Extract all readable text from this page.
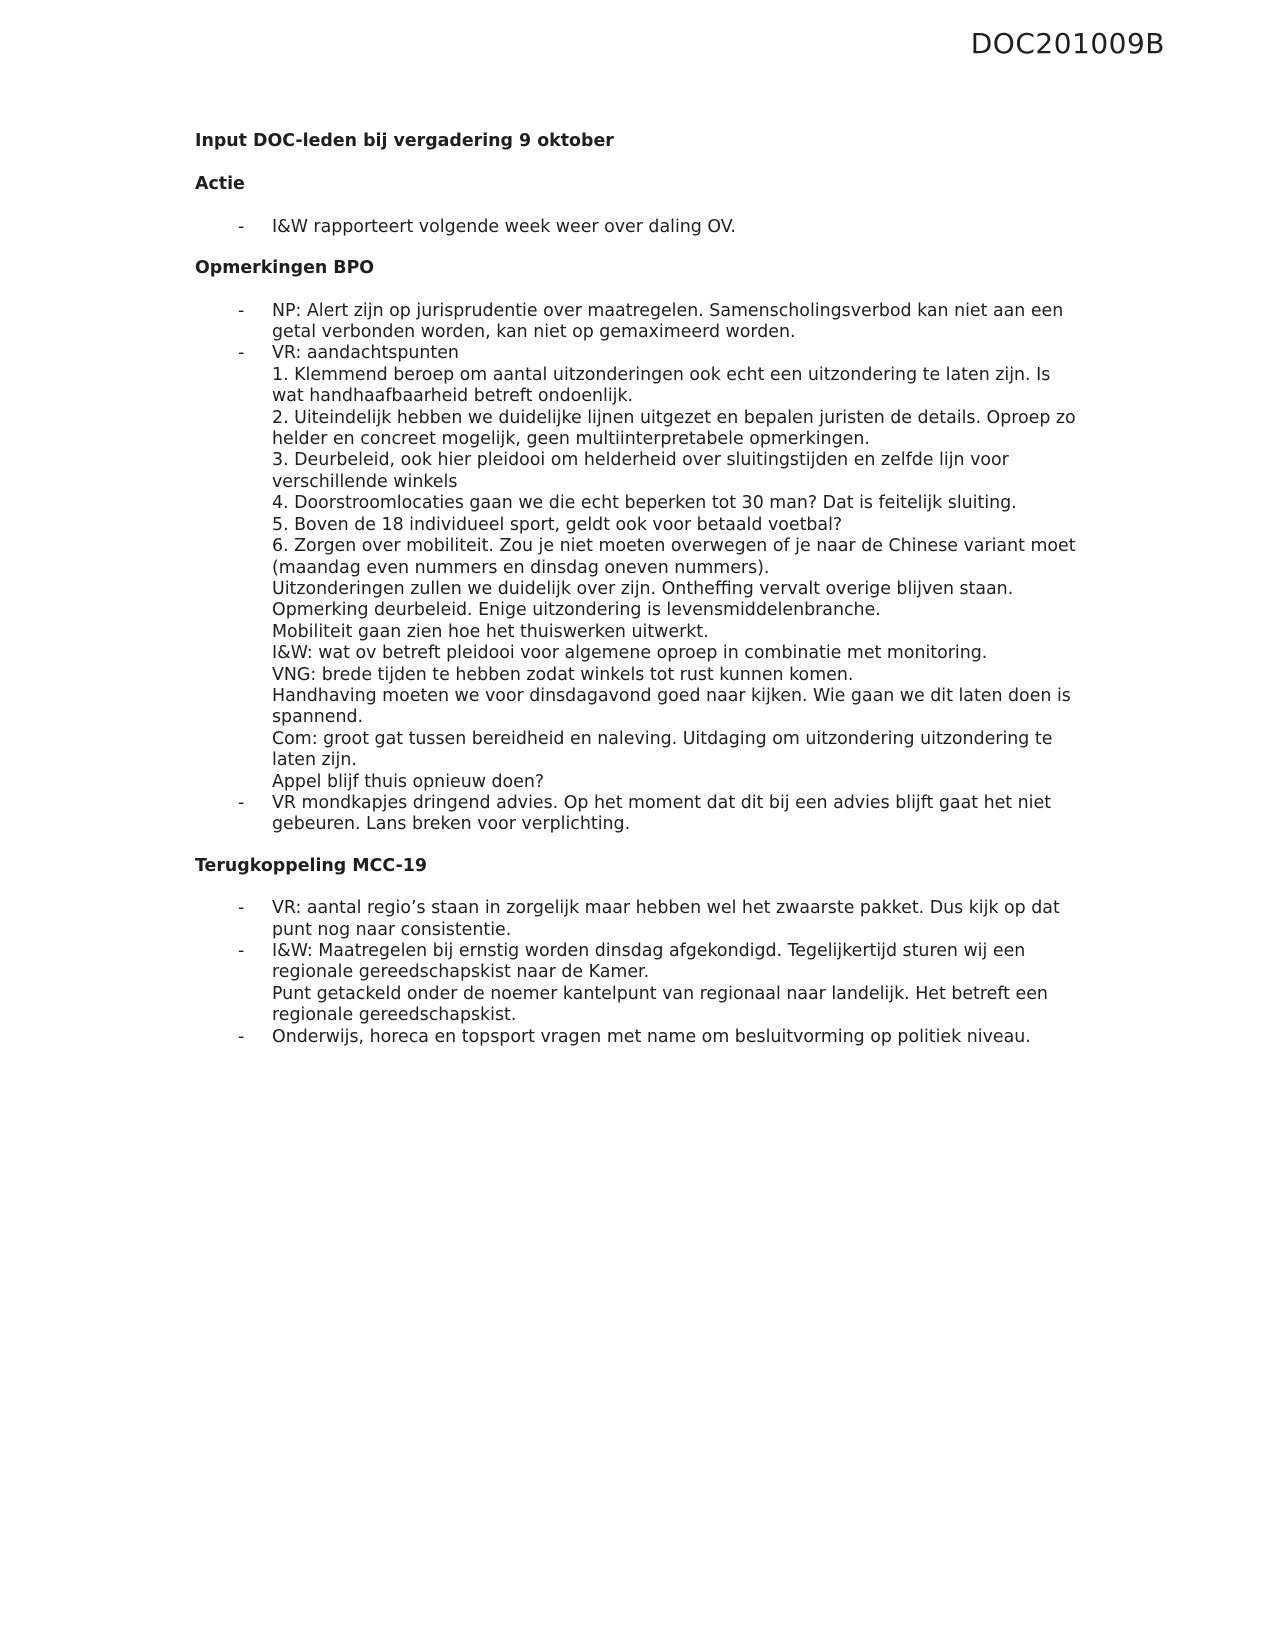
DOC201009B

Input DOC-leden bij vergadering 9 oktober

Actie

- I&W rapporteert volgende week weer over daling OV.

Opmerkingen BPO

- NP: Alert zijn op jurisprudentie over maatregelen. Samenscholingsverbod kan niet aan een getal verbonden worden, kan niet op gemaximeerd worden.
- VR: aandachtspunten
1. Klemmend beroep om aantal uitzonderingen ook echt een uitzondering te laten zijn. Is wat handhaafbaarheid betreft ondoenlijk.
2. Uiteindelijk hebben we duidelijke lijnen uitgezet en bepalen juristen de details. Oproep zo helder en concreet mogelijk, geen multiinterpretabele opmerkingen.
3. Deurbeleid, ook hier pleidooi om helderheid over sluitingstijden en zelfde lijn voor verschillende winkels
4. Doorstroomlocaties gaan we die echt beperken tot 30 man? Dat is feitelijk sluiting.
5. Boven de 18 individueel sport, geldt ook voor betaald voetbal?
6. Zorgen over mobiliteit. Zou je niet moeten overwegen of je naar de Chinese variant moet (maandag even nummers en dinsdag oneven nummers).
Uitzonderingen zullen we duidelijk over zijn. Ontheffing vervalt overige blijven staan.
Opmerking deurbeleid. Enige uitzondering is levensmiddelenbranche.
Mobiliteit gaan zien hoe het thuiswerken uitwerkt.
I&W: wat ov betreft pleidooi voor algemene oproep in combinatie met monitoring.
VNG: brede tijden te hebben zodat winkels tot rust kunnen komen.
Handhaving moeten we voor dinsdagavond goed naar kijken. Wie gaan we dit laten doen is spannend.
Com: groot gat tussen bereidheid en naleving. Uitdaging om uitzondering uitzondering te laten zijn.
Appel blijf thuis opnieuw doen?
- VR mondkapjes dringend advies. Op het moment dat dit bij een advies blijft gaat het niet gebeuren. Lans breken voor verplichting.

Terugkoppeling MCC-19

- VR: aantal regio’s staan in zorgelijk maar hebben wel het zwaarste pakket. Dus kijk op dat punt nog naar consistentie.
- I&W: Maatregelen bij ernstig worden dinsdag afgekondigd. Tegelijkertijd sturen wij een regionale gereedschapskist naar de Kamer.
Punt getackeld onder de noemer kantelpunt van regionaal naar landelijk. Het betreft een regionale gereedschapskist.
- Onderwijs, horeca en topsport vragen met name om besluitvorming op politiek niveau.
